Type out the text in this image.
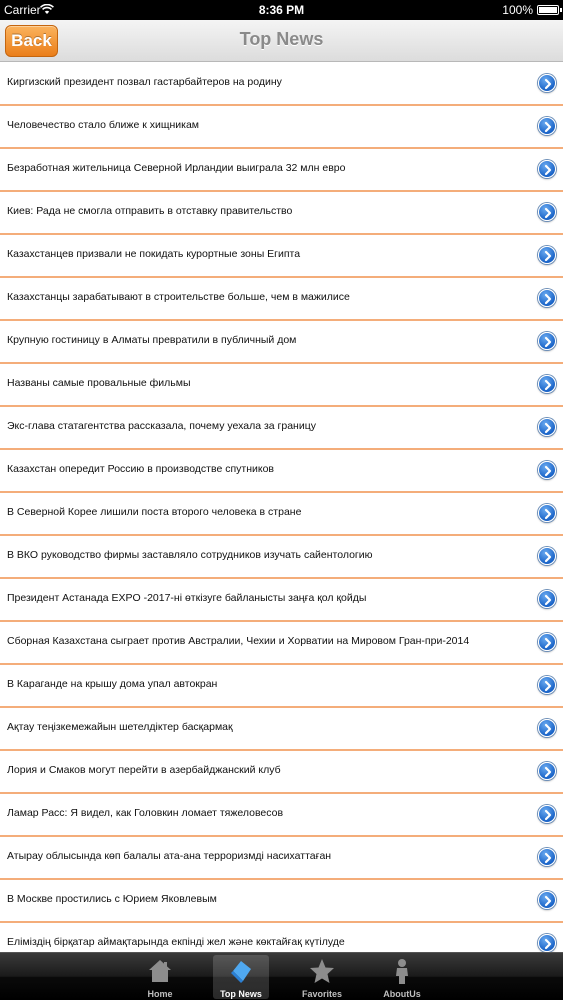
Carrier	8:36 PM	100%
Back	Top News
Киргизский президент позвал гастарбайтеров на родину
Человечество стало ближе к хищникам
Безработная жительница Северной Ирландии выиграла 32 млн евро
Киев: Рада не смогла отправить в отставку правительство
Казахстанцев призвали не покидать курортные зоны Египта
Казахстанцы зарабатывают в строительстве больше, чем в мажилисе
Крупную гостиницу в Алматы превратили в публичный дом
Названы самые провальные фильмы
Экс-глава статагентства рассказала, почему уехала за границу
Казахстан опередит Россию в производстве спутников
В Северной Корее лишили поста второго человека в стране
В ВКО руководство фирмы заставляло сотрудников изучать сайентологию
Президент Астанада EXPO -2017-ні өткізуге байланысты заңға қол қойды
Сборная Казахстана сыграет против Австралии, Чехии и Хорватии на Мировом Гран-при-2014
В Караганде на крышу дома упал автокран
Ақтау теңізкемежайын шетелдіктер басқармақ
Лория и Смаков могут перейти в азербайджанский клуб
Ламар Расс: Я видел, как Головкин ломает тяжеловесов
Атырау облысында көп балалы ата-ана терроризмді насихаттаған
В Москве простились с Юрием Яковлевым
Еліміздің бірқатар аймақтарында екпінді жел және көктайғақ күтілуде
Home	Top News	Favorites	AboutUs
